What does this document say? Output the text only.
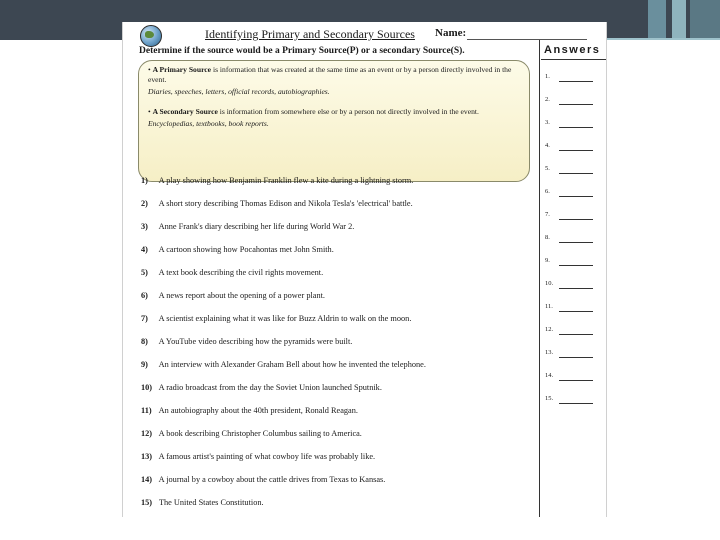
Identifying Primary and Secondary Sources Name:
Determine if the source would be a Primary Source(P) or a secondary Source(S).
• A Primary Source is information that was created at the same time as an event or by a person directly involved in the event.
Diaries, speeches, letters, official records, autobiographies.
• A Secondary Source is information from somewhere else or by a person not directly involved in the event.
Encyclopedias, textbooks, book reports.
1) A play showing how Benjamin Franklin flew a kite during a lightning storm.
2) A short story describing Thomas Edison and Nikola Tesla's 'electrical' battle.
3) Anne Frank's diary describing her life during World War 2.
4) A cartoon showing how Pocahontas met John Smith.
5) A text book describing the civil rights movement.
6) A news report about the opening of a power plant.
7) A scientist explaining what it was like for Buzz Aldrin to walk on the moon.
8) A YouTube video describing how the pyramids were built.
9) An interview with Alexander Graham Bell about how he invented the telephone.
10) A radio broadcast from the day the Soviet Union launched Sputnik.
11) An autobiography about the 40th president, Ronald Reagan.
12) A book describing Christopher Columbus sailing to America.
13) A famous artist's painting of what cowboy life was probably like.
14) A journal by a cowboy about the cattle drives from Texas to Kansas.
15) The United States Constitution.
Answers
1.
2.
3.
4.
5.
6.
7.
8.
9.
10.
11.
12.
13.
14.
15.
